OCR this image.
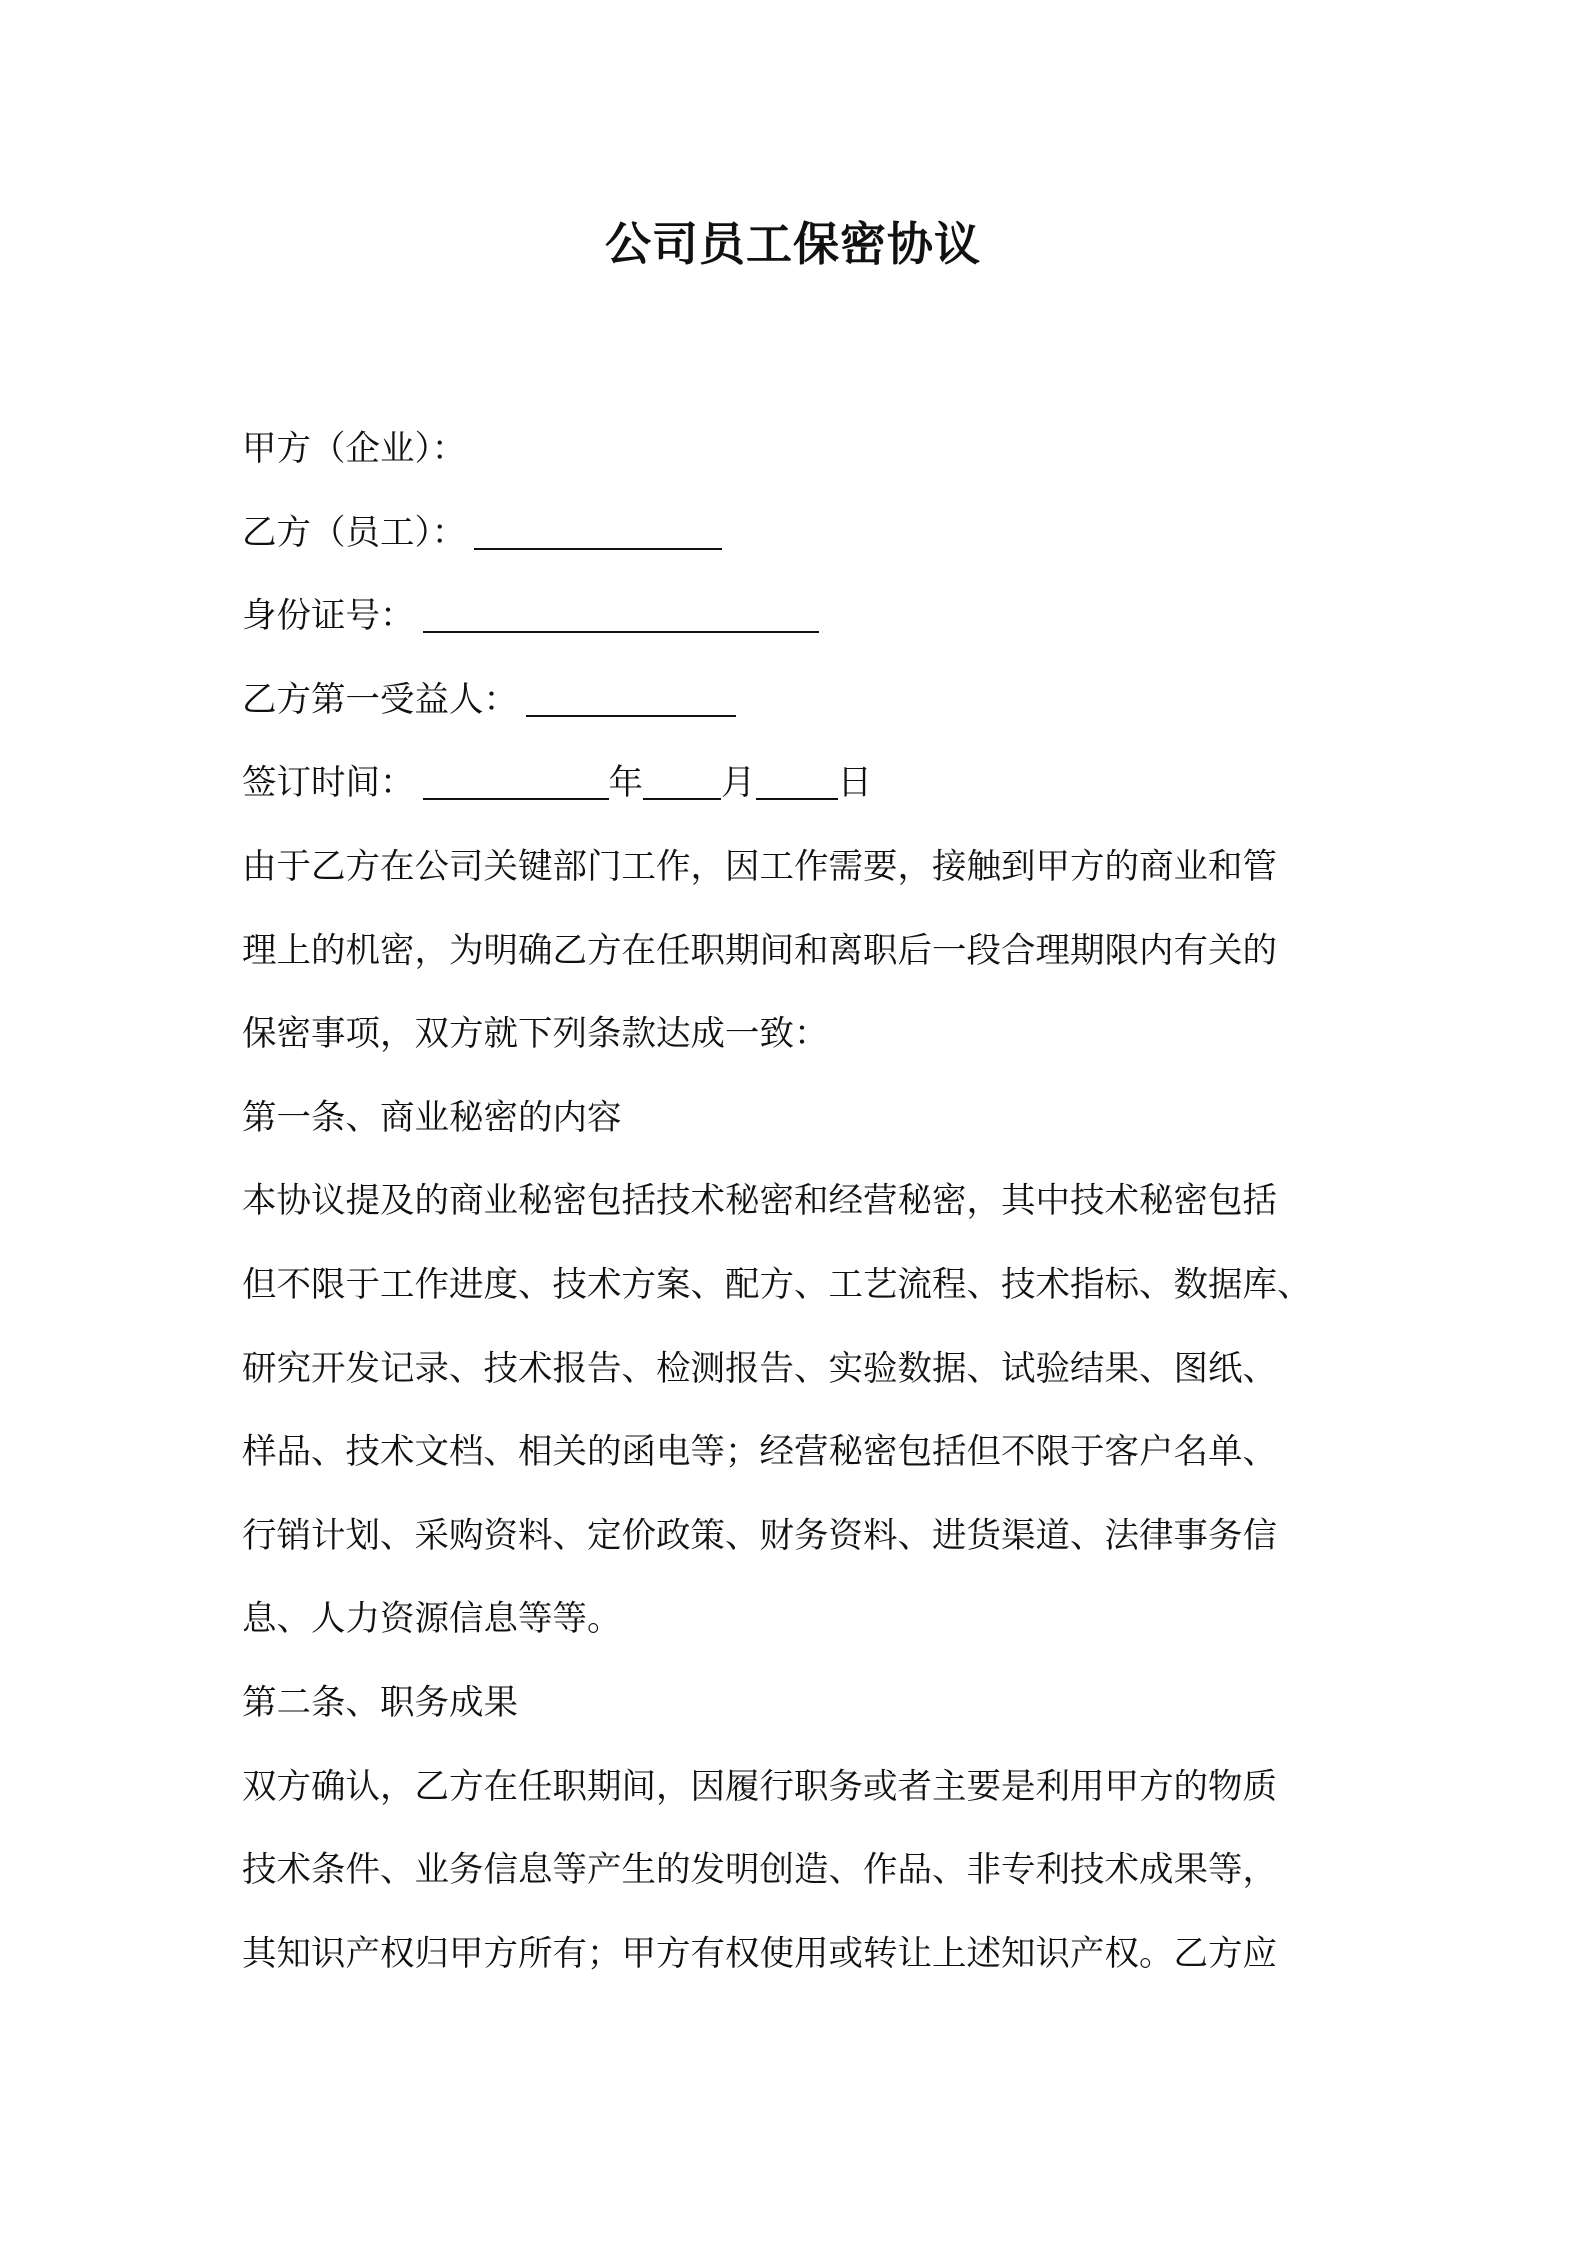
公司员工保密协议
甲方（企业）：
乙方（员工）：
身份证号：
乙方第一受益人：
签订时间：	年 月 日
由于乙方在公司关键部门工作，因工作需要，接触到甲方的商业和管
理上的机密，为明确乙方在任职期间和离职后一段合理期限内有关的
保密事项，双方就下列条款达成一致：
第一条、商业秘密的内容
本协议提及的商业秘密包括技术秘密和经营秘密，其中技术秘密包括
但不限于工作进度、技术方案、配方、工艺流程、技术指标、数据库、
研究开发记录、技术报告、检测报告、实验数据、试验结果、图纸、
样品、技术文档、相关的函电等；经营秘密包括但不限于客户名单、
行销计划、采购资料、定价政策、财务资料、进货渠道、法律事务信
息、人力资源信息等等。
第二条、职务成果
双方确认，乙方在任职期间，因履行职务或者主要是利用甲方的物质
技术条件、业务信息等产生的发明创造、作品、非专利技术成果等，
其知识产权归甲方所有；甲方有权使用或转让上述知识产权。乙方应
